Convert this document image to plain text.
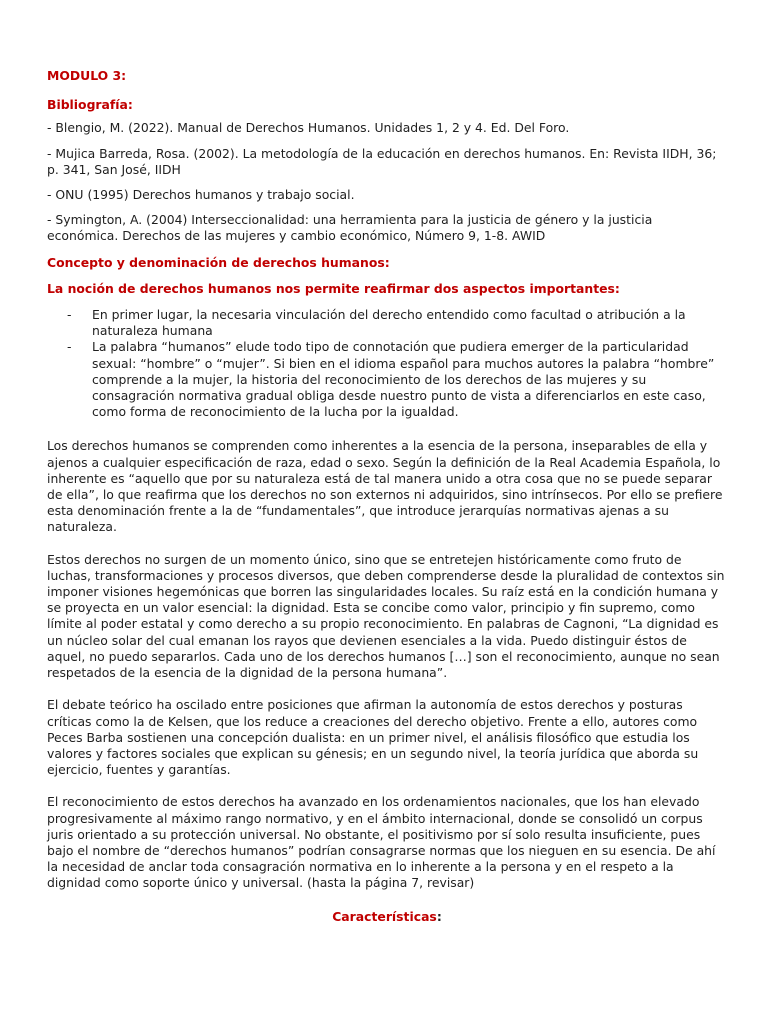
MODULO 3:
Bibliografía:
- Blengio, M. (2022). Manual de Derechos Humanos. Unidades 1, 2 y 4. Ed. Del Foro.
- Mujica Barreda, Rosa. (2002). La metodología de la educación en derechos humanos. En: Revista IIDH, 36; p. 341, San José, IIDH
- ONU (1995) Derechos humanos y trabajo social.
- Symington, A. (2004) Interseccionalidad: una herramienta para la justicia de género y la justicia económica. Derechos de las mujeres y cambio económico, Número 9, 1-8. AWID
Concepto y denominación de derechos humanos:
La noción de derechos humanos nos permite reafirmar dos aspectos importantes:
- En primer lugar, la necesaria vinculación del derecho entendido como facultad o atribución a la naturaleza humana
- La palabra “humanos” elude todo tipo de connotación que pudiera emerger de la particularidad sexual: “hombre” o “mujer”. Si bien en el idioma español para muchos autores la palabra “hombre” comprende a la mujer, la historia del reconocimiento de los derechos de las mujeres y su consagración normativa gradual obliga desde nuestro punto de vista a diferenciarlos en este caso, como forma de reconocimiento de la lucha por la igualdad.
Los derechos humanos se comprenden como inherentes a la esencia de la persona, inseparables de ella y ajenos a cualquier especificación de raza, edad o sexo. Según la definición de la Real Academia Española, lo inherente es “aquello que por su naturaleza está de tal manera unido a otra cosa que no se puede separar de ella”, lo que reafirma que los derechos no son externos ni adquiridos, sino intrínsecos. Por ello se prefiere esta denominación frente a la de “fundamentales”, que introduce jerarquías normativas ajenas a su naturaleza.
Estos derechos no surgen de un momento único, sino que se entretejen históricamente como fruto de luchas, transformaciones y procesos diversos, que deben comprenderse desde la pluralidad de contextos sin imponer visiones hegemónicas que borren las singularidades locales. Su raíz está en la condición humana y se proyecta en un valor esencial: la dignidad. Esta se concibe como valor, principio y fin supremo, como límite al poder estatal y como derecho a su propio reconocimiento. En palabras de Cagnoni, “La dignidad es un núcleo solar del cual emanan los rayos que devienen esenciales a la vida. Puedo distinguir éstos de aquel, no puedo separarlos. Cada uno de los derechos humanos […] son el reconocimiento, aunque no sean respetados de la esencia de la dignidad de la persona humana”.
El debate teórico ha oscilado entre posiciones que afirman la autonomía de estos derechos y posturas críticas como la de Kelsen, que los reduce a creaciones del derecho objetivo. Frente a ello, autores como Peces Barba sostienen una concepción dualista: en un primer nivel, el análisis filosófico que estudia los valores y factores sociales que explican su génesis; en un segundo nivel, la teoría jurídica que aborda su ejercicio, fuentes y garantías.
El reconocimiento de estos derechos ha avanzado en los ordenamientos nacionales, que los han elevado progresivamente al máximo rango normativo, y en el ámbito internacional, donde se consolidó un corpus juris orientado a su protección universal. No obstante, el positivismo por sí solo resulta insuficiente, pues bajo el nombre de “derechos humanos” podrían consagrarse normas que los nieguen en su esencia. De ahí la necesidad de anclar toda consagración normativa en lo inherente a la persona y en el respeto a la dignidad como soporte único y universal. (hasta la página 7, revisar)
Características:
